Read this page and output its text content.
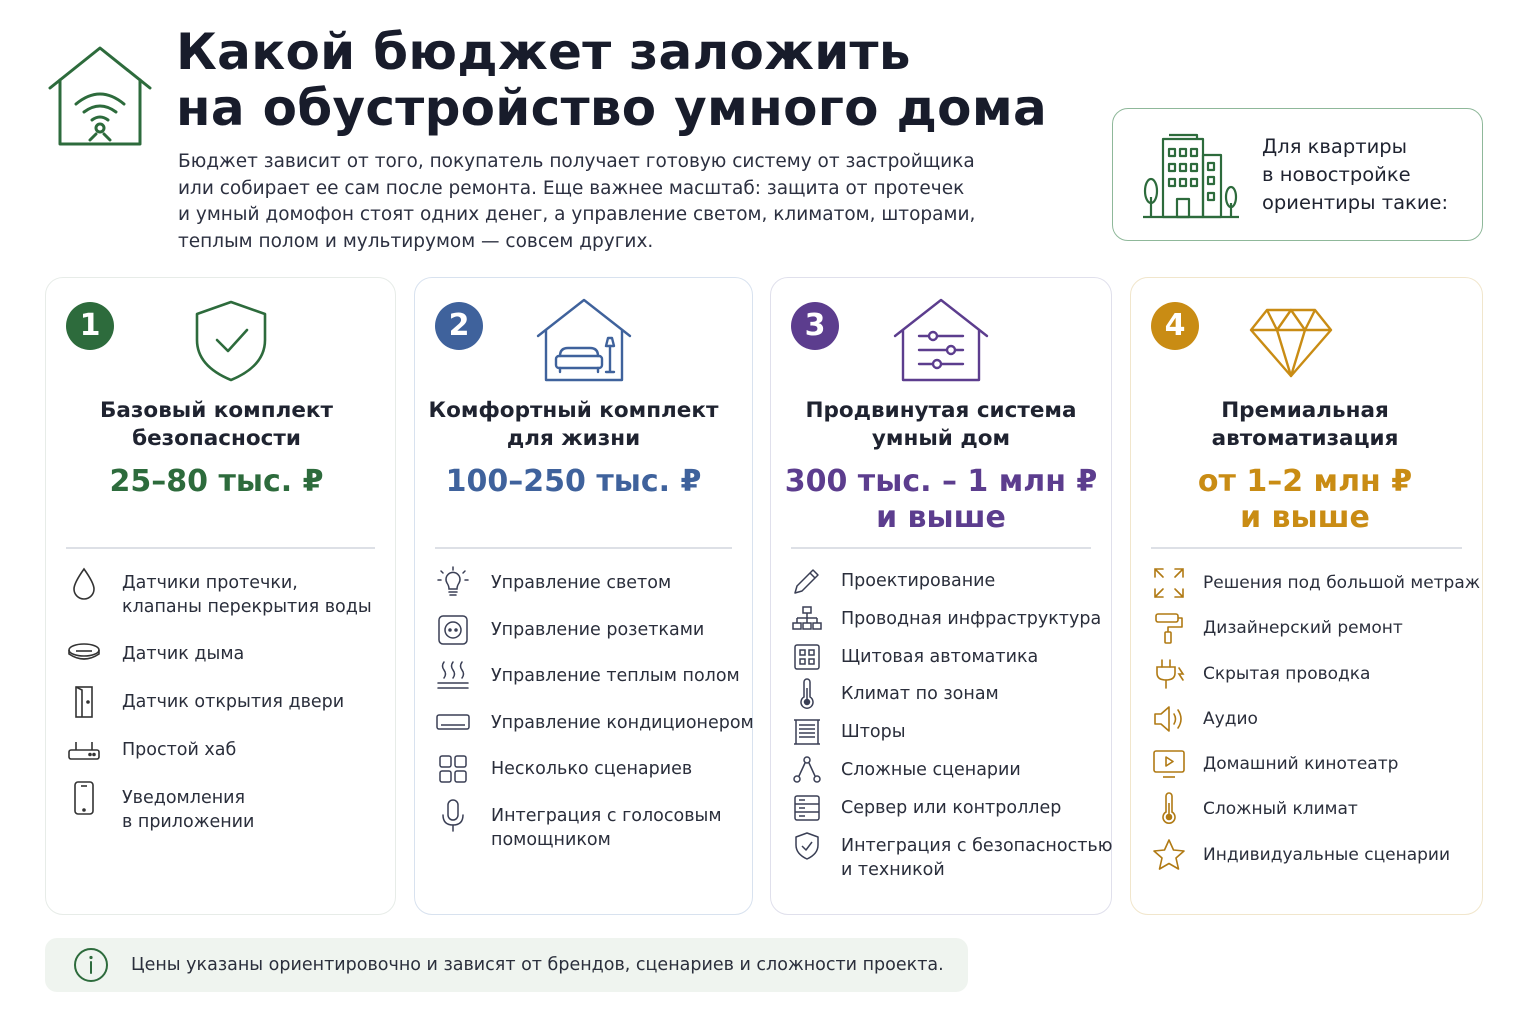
Какой бюджет заложить
на обустройство умного дома
Бюджет зависит от того, покупатель получает готовую систему от застройщика
или собирает ее сам после ремонта. Еще важнее масштаб: защита от протечек
и умный домофон стоят одних денег, а управление светом, климатом, шторами,
теплым полом и мультирумом — совсем других.
Для квартиры
в новостройке
ориентиры такие:
1
Базовый комплект
безопасности
25–80 тыс. ₽
Датчики протечки,
клапаны перекрытия воды
Датчик дыма
Датчик открытия двери
Простой хаб
Уведомления
в приложении
2
Комфортный комплект
для жизни
100–250 тыс. ₽
Управление светом
Управление розетками
Управление теплым полом
Управление кондиционером
Несколько сценариев
Интеграция с голосовым
помощником
3
Продвинутая система
умный дом
300 тыс. – 1 млн ₽
и выше
Проектирование
Проводная инфраструктура
Щитовая автоматика
Климат по зонам
Шторы
Сложные сценарии
Сервер или контроллер
Интеграция с безопасностью
и техникой
4
Премиальная
автоматизация
от 1–2 млн ₽
и выше
Решения под большой метраж
Дизайнерский ремонт
Скрытая проводка
Аудио
Домашний кинотеатр
Сложный климат
Индивидуальные сценарии
Цены указаны ориентировочно и зависят от брендов, сценариев и сложности проекта.
